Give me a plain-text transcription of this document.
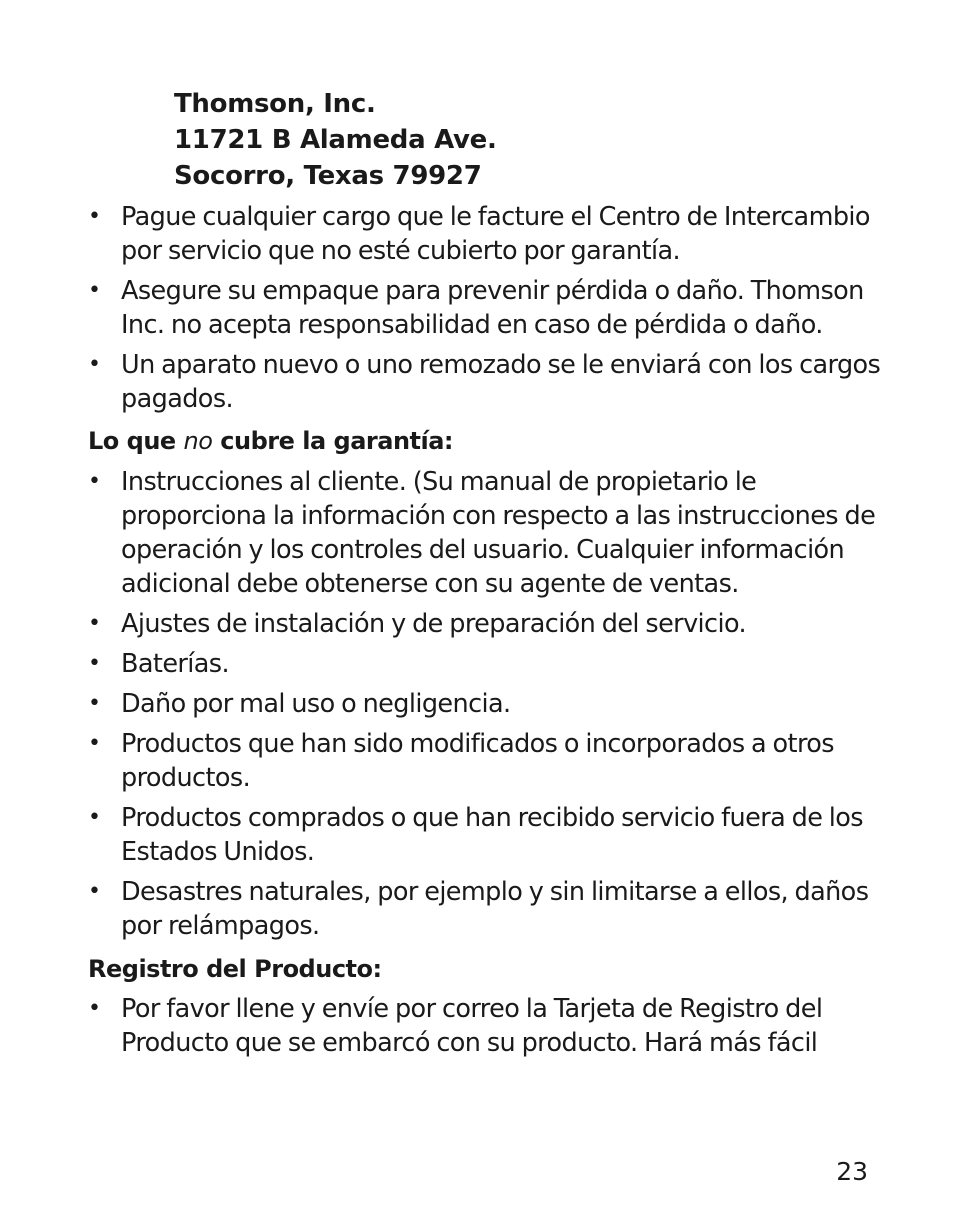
Thomson, Inc.
11721 B Alameda Ave.
Socorro, Texas 79927
• Pague cualquier cargo que le facture el Centro de Intercambio por servicio que no esté cubierto por garantía.
• Asegure su empaque para prevenir pérdida o daño. Thomson Inc. no acepta responsabilidad en caso de pérdida o daño.
• Un aparato nuevo o uno remozado se le enviará con los cargos pagados.
Lo que no cubre la garantía:
• Instrucciones al cliente. (Su manual de propietario le proporciona la información con respecto a las instrucciones de operación y los controles del usuario. Cualquier información adicional debe obtenerse con su agente de ventas.
• Ajustes de instalación y de preparación del servicio.
• Baterías.
• Daño por mal uso o negligencia.
• Productos que han sido modificados o incorporados a otros productos.
• Productos comprados o que han recibido servicio fuera de los Estados Unidos.
• Desastres naturales, por ejemplo y sin limitarse a ellos, daños por relámpagos.
Registro del Producto:
• Por favor llene y envíe por correo la Tarjeta de Registro del Producto que se embarcó con su producto. Hará más fácil
23
